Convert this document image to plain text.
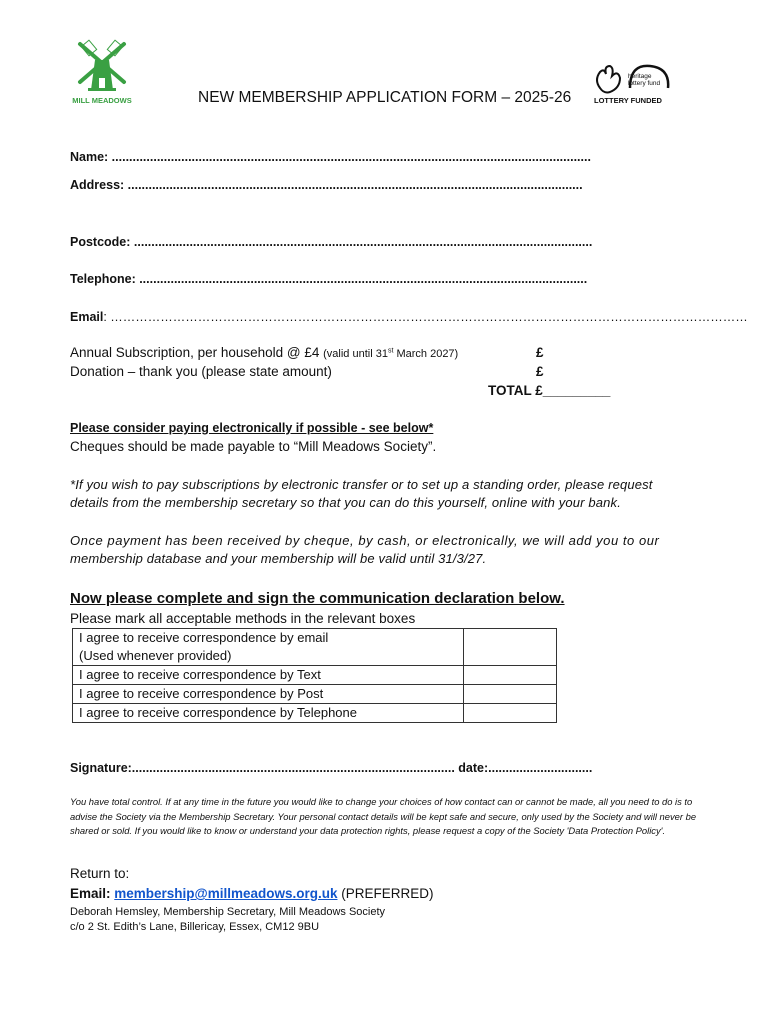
MILL MEADOWS
heritage
lottery fund
LOTTERY FUNDED
NEW MEMBERSHIP APPLICATION FORM – 2025-26
Name: ..........................................................................................................................................
Address: ...................................................................................................................................
Postcode: ....................................................................................................................................
Telephone: .................................................................................................................................
Email: ………………………………………………………………………………………………………………………………………
Annual Subscription, per household @ £4 (valid until 31st March 2027)	£
Donation – thank you (please state amount)	£
TOTAL £_________
Please consider paying electronically if possible - see below*
Cheques should be made payable to “Mill Meadows Society”.
*If you wish to pay subscriptions by electronic transfer or to set up a standing order, please request
details from the membership secretary so that you can do this yourself, online with your bank.
Once payment has been received by cheque, by cash, or electronically, we will add you to our
membership database and your membership will be valid until 31/3/27.
Now please complete and sign the communication declaration below.
Please mark all acceptable methods in the relevant boxes
I agree to receive correspondence by email
(Used whenever provided)	

I agree to receive correspondence by Text	
I agree to receive correspondence by Post	
I agree to receive correspondence by Telephone	
Signature:............................................................................................. date:..............................
You have total control. If at any time in the future you would like to change your choices of how contact can or cannot be made, all you need to do is to advise the Society via the Membership Secretary. Your personal contact details will be kept safe and secure, only used by the Society and will never be shared or sold. If you would like to know or understand your data protection rights, please request a copy of the Society 'Data Protection Policy'.
Return to:
Email: membership@millmeadows.org.uk (PREFERRED)
Deborah Hemsley, Membership Secretary, Mill Meadows Society
c/o 2 St. Edith’s Lane, Billericay, Essex, CM12 9BU
